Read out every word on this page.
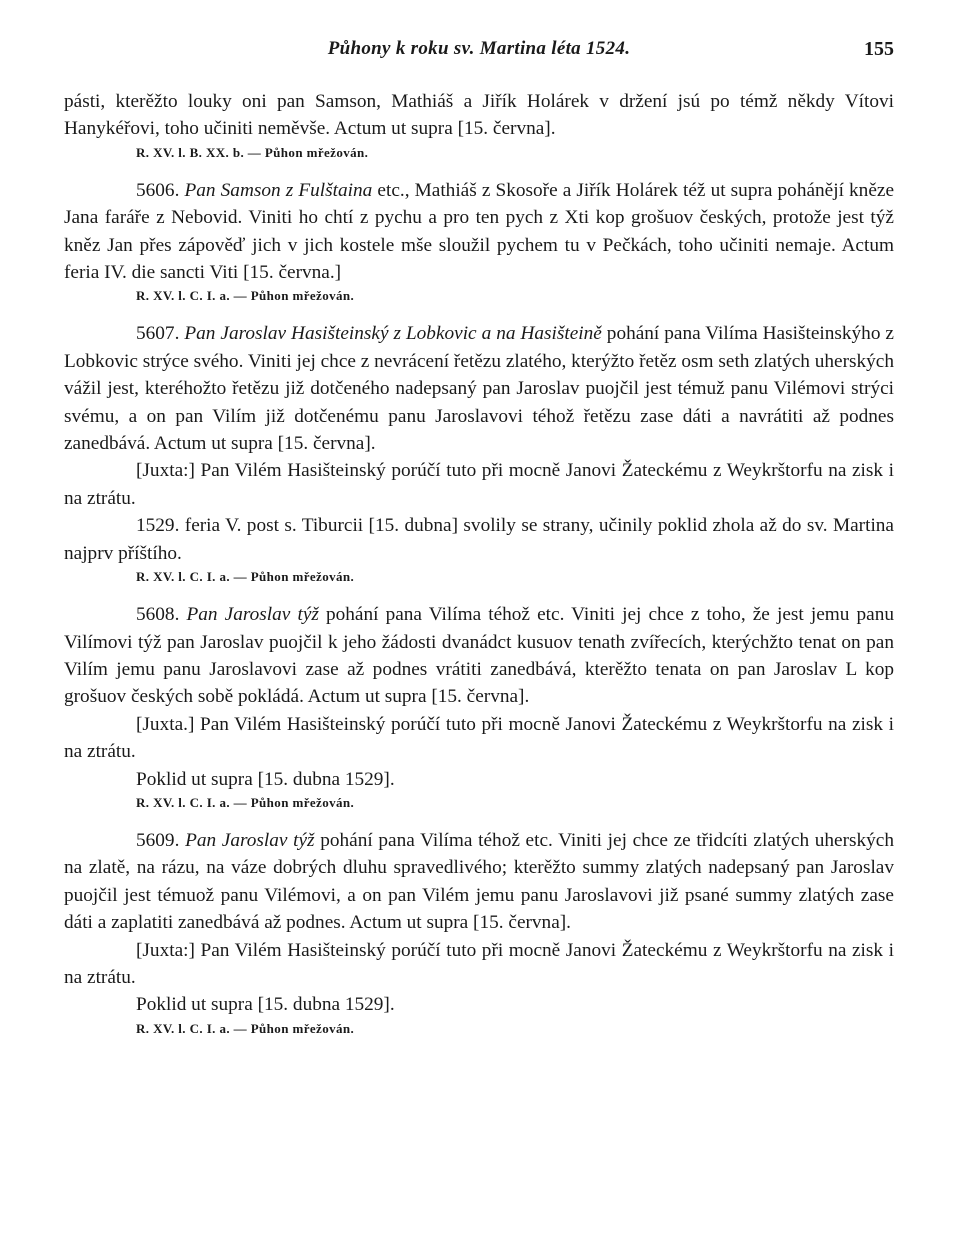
Půhony k roku sv. Martina léta 1524.	155

pásti, kterěžto louky oni pan Samson, Mathiáš a Jiřík Holárek v držení jsú po témž někdy Vítovi Hanykéřovi, toho učiniti neměvše. Actum ut supra [15. června].

R. XV. l. B. XX. b. — Půhon mřežován.

5606. Pan Samson z Fulštaina etc., Mathiáš z Skosoře a Jiřík Holárek též ut supra pohánějí kněze Jana faráře z Nebovid. Viniti ho chtí z pychu a pro ten pych z Xti kop grošuov českých, protože jest týž kněz Jan přes zápověď jich v jich kostele mše sloužil pychem tu v Pečkách, toho učiniti nemaje. Actum feria IV. die sancti Viti [15. června.]

R. XV. l. C. I. a. — Půhon mřežován.

5607. Pan Jaroslav Hasišteinský z Lobkovic a na Hasišteině pohání pana Vilíma Hasišteinskýho z Lobkovic strýce svého. Viniti jej chce z nevrácení řetězu zlatého, kterýžto řetěz osm seth zlatých uherských vážil jest, kteréhožto řetězu již dotčeného nadepsaný pan Jaroslav puojčil jest témuž panu Vilémovi strýci svému, a on pan Vilím již dotčenému panu Jaroslavovi téhož řetězu zase dáti a navrátiti až podnes zanedbává. Actum ut supra [15. června].

[Juxta:] Pan Vilém Hasišteinský porúčí tuto při mocně Janovi Žateckému z Weykrštorfu na zisk i na ztrátu.

1529. feria V. post s. Tiburcii [15. dubna] svolily se strany, učinily poklid zhola až do sv. Martina najprv příštího.

R. XV. l. C. I. a. — Půhon mřežován.

5608. Pan Jaroslav týž pohání pana Vilíma téhož etc. Viniti jej chce z toho, že jest jemu panu Vilímovi týž pan Jaroslav puojčil k jeho žádosti dvanádct kusuov tenath zvířecích, kterýchžto tenat on pan Vilím jemu panu Jaroslavovi zase až podnes vrátiti zanedbává, kterěžto tenata on pan Jaroslav L kop grošuov českých sobě pokládá. Actum ut supra [15. června].

[Juxta.] Pan Vilém Hasišteinský porúčí tuto při mocně Janovi Žateckému z Weykrštorfu na zisk i na ztrátu.

Poklid ut supra [15. dubna 1529].

R. XV. l. C. I. a. — Půhon mřežován.

5609. Pan Jaroslav týž pohání pana Vilíma téhož etc. Viniti jej chce ze třidcíti zlatých uherských na zlatě, na rázu, na váze dobrých dluhu spravedlivého; kterěžto summy zlatých nadepsaný pan Jaroslav puojčil jest témuož panu Vilémovi, a on pan Vilém jemu panu Jaroslavovi již psané summy zlatých zase dáti a zaplatiti zanedbává až podnes. Actum ut supra [15. června].

[Juxta:] Pan Vilém Hasišteinský porúčí tuto při mocně Janovi Žateckému z Weykrštorfu na zisk i na ztrátu.

Poklid ut supra [15. dubna 1529].

R. XV. l. C. I. a. — Půhon mřežován.
